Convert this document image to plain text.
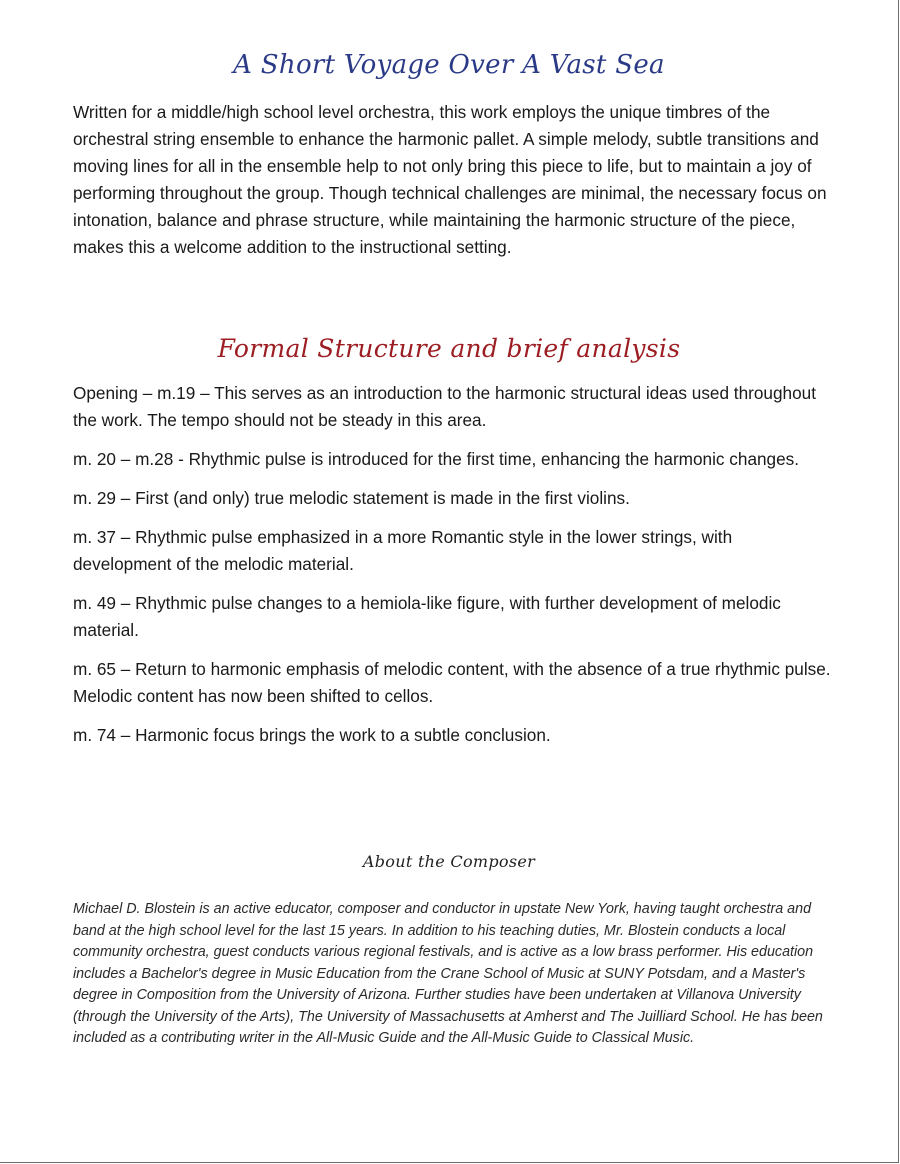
A Short Voyage Over A Vast Sea

Written for a middle/high school level orchestra, this work employs the unique timbres of the orchestral string ensemble to enhance the harmonic pallet. A simple melody, subtle transitions and moving lines for all in the ensemble help to not only bring this piece to life, but to maintain a joy of performing throughout the group. Though technical challenges are minimal, the necessary focus on intonation, balance and phrase structure, while maintaining the harmonic structure of the piece, makes this a welcome addition to the instructional setting.

Formal Structure and brief analysis
Opening – m.19 – This serves as an introduction to the harmonic structural ideas used throughout the work. The tempo should not be steady in this area.
m. 20 – m.28 - Rhythmic pulse is introduced for the first time, enhancing the harmonic changes.
m. 29 – First (and only) true melodic statement is made in the first violins.
m. 37 – Rhythmic pulse emphasized in a more Romantic style in the lower strings, with development of the melodic material.
m. 49 – Rhythmic pulse changes to a hemiola-like figure, with further development of melodic material.
m. 65 – Return to harmonic emphasis of melodic content, with the absence of a true rhythmic pulse. Melodic content has now been shifted to cellos.
m. 74 – Harmonic focus brings the work to a subtle conclusion.
About the Composer

Michael D. Blostein is an active educator, composer and conductor in upstate New York, having taught orchestra and band at the high school level for the last 15 years. In addition to his teaching duties, Mr. Blostein conducts a local community orchestra, guest conducts various regional festivals, and is active as a low brass performer. His education includes a Bachelor's degree in Music Education from the Crane School of Music at SUNY Potsdam, and a Master's degree in Composition from the University of Arizona. Further studies have been undertaken at Villanova University (through the University of the Arts), The University of Massachusetts at Amherst and The Juilliard School. He has been included as a contributing writer in the All-Music Guide and the All-Music Guide to Classical Music.
